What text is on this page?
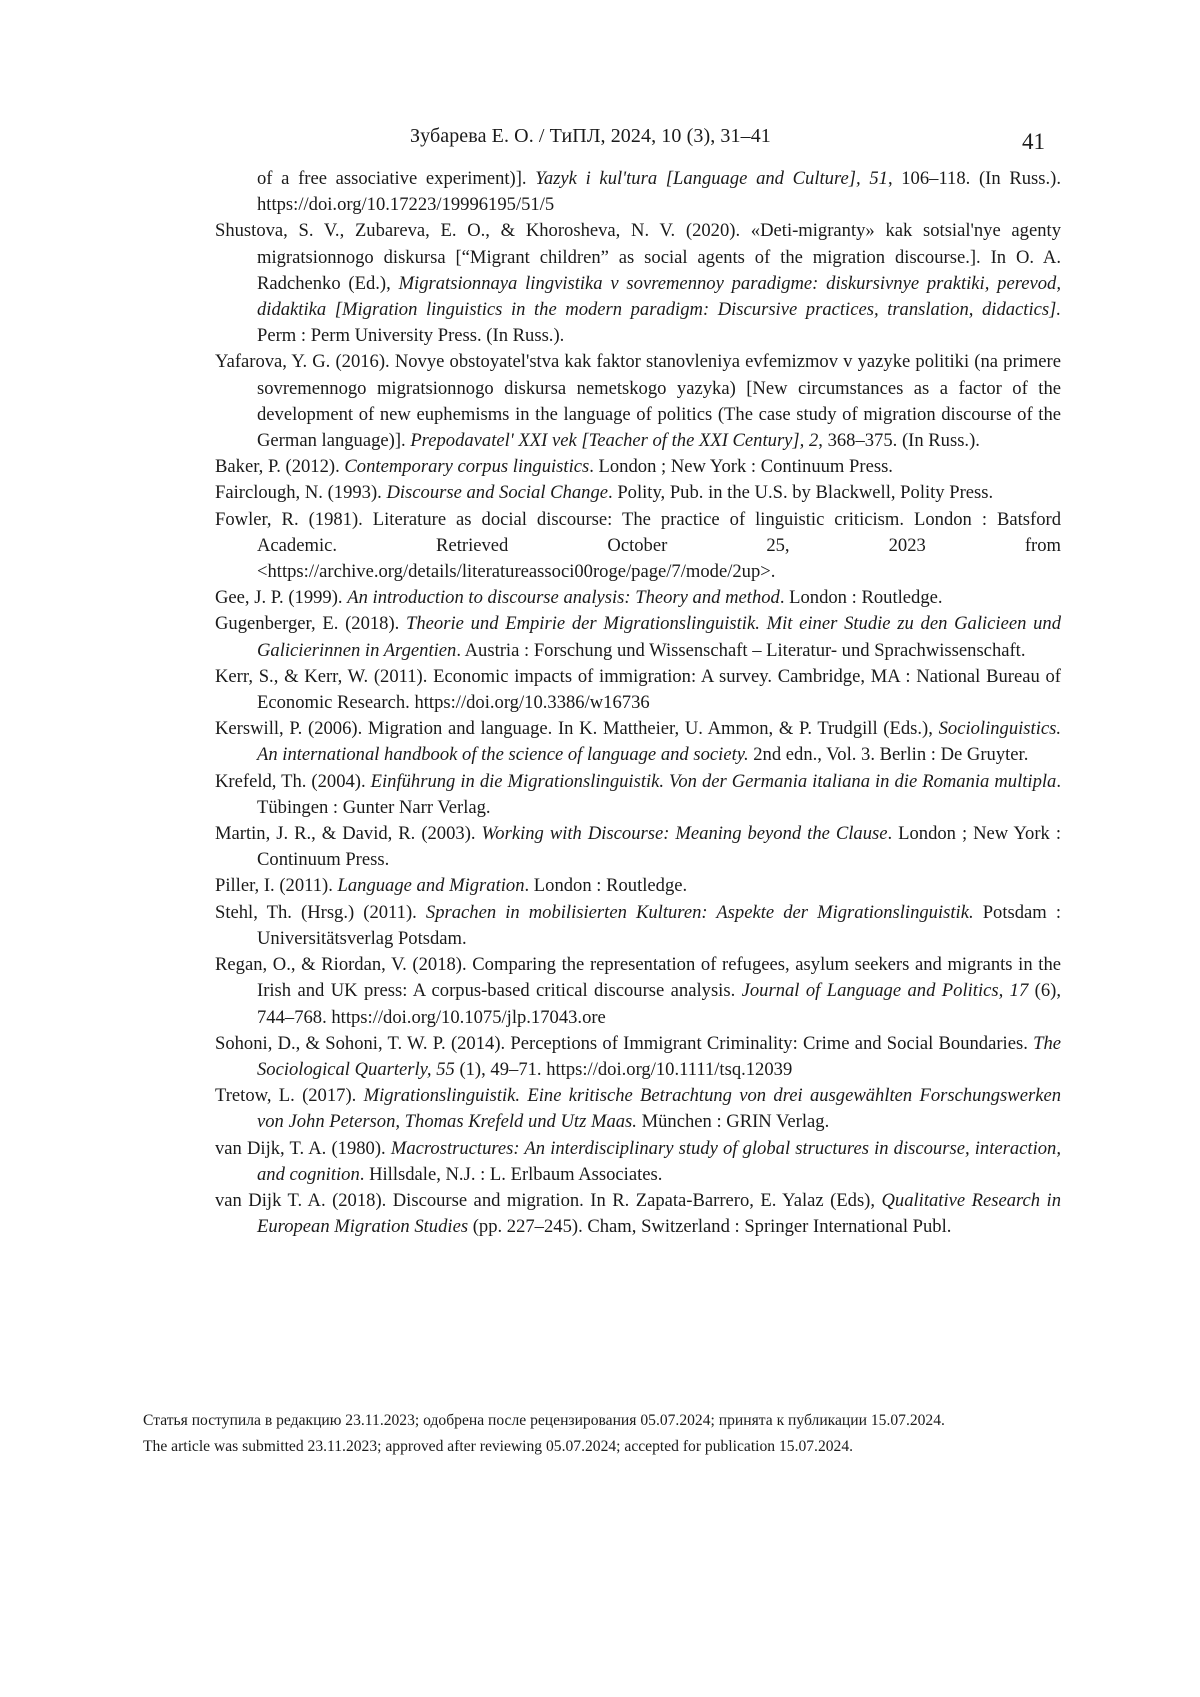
Зубарева Е. О. / ТиПЛ, 2024, 10 (3), 31–41	41

of a free associative experiment)]. Yazyk i kul'tura [Language and Culture], 51, 106–118. (In Russ.). https://doi.org/10.17223/19996195/51/5

Shustova, S. V., Zubareva, E. O., & Khorosheva, N. V. (2020). «Deti-migranty» kak sotsial'nye agenty migratsionnogo diskursa [“Migrant children” as social agents of the migration discourse.]. In O. A. Radchenko (Ed.), Migratsionnaya lingvistika v sovremennoy paradigme: diskursivnye praktiki, perevod, didaktika [Migration linguistics in the modern paradigm: Discursive practices, translation, didactics]. Perm : Perm University Press. (In Russ.).

Yafarova, Y. G. (2016). Novye obstoyatel'stva kak faktor stanovleniya evfemizmov v yazyke politiki (na primere sovremennogo migratsionnogo diskursa nemetskogo yazyka) [New circumstances as a factor of the development of new euphemisms in the language of politics (The case study of migration discourse of the German language)]. Prepodavatel' XXI vek [Teacher of the XXI Century], 2, 368–375. (In Russ.).

Baker, P. (2012). Contemporary corpus linguistics. London ; New York : Continuum Press.

Fairclough, N. (1993). Discourse and Social Change. Polity, Pub. in the U.S. by Blackwell, Polity Press.

Fowler, R. (1981). Literature as docial discourse: The practice of linguistic criticism. London : Batsford Academic. Retrieved October 25, 2023 from <https://archive.org/details/literatureassoci00roge/page/7/mode/2up>.

Gee, J. P. (1999). An introduction to discourse analysis: Theory and method. London : Routledge.

Gugenberger, E. (2018). Theorie und Empirie der Migrationslinguistik. Mit einer Studie zu den Galicieen und Galicierinnen in Argentien. Austria : Forschung und Wissenschaft – Literatur- und Sprachwissenschaft.

Kerr, S., & Kerr, W. (2011). Economic impacts of immigration: A survey. Cambridge, MA : National Bureau of Economic Research. https://doi.org/10.3386/w16736

Kerswill, P. (2006). Migration and language. In K. Mattheier, U. Ammon, & P. Trudgill (Eds.), Sociolinguistics. An international handbook of the science of language and society. 2nd edn., Vol. 3. Berlin : De Gruyter.

Krefeld, Th. (2004). Einführung in die Migrationslinguistik. Von der Germania italiana in die Romania multipla. Tübingen : Gunter Narr Verlag.

Martin, J. R., & David, R. (2003). Working with Discourse: Meaning beyond the Clause. London ; New York : Continuum Press.

Piller, I. (2011). Language and Migration. London : Routledge.

Stehl, Th. (Hrsg.) (2011). Sprachen in mobilisierten Kulturen: Aspekte der Migrationslinguistik. Potsdam : Universitätsverlag Potsdam.

Regan, O., & Riordan, V. (2018). Comparing the representation of refugees, asylum seekers and migrants in the Irish and UK press: A corpus-based critical discourse analysis. Journal of Language and Politics, 17 (6), 744–768. https://doi.org/10.1075/jlp.17043.ore

Sohoni, D., & Sohoni, T. W. P. (2014). Perceptions of Immigrant Criminality: Crime and Social Boundaries. The Sociological Quarterly, 55 (1), 49–71. https://doi.org/10.1111/tsq.12039

Tretow, L. (2017). Migrationslinguistik. Eine kritische Betrachtung von drei ausgewählten Forschungswerken von John Peterson, Thomas Krefeld und Utz Maas. München : GRIN Verlag.

van Dijk, T. A. (1980). Macrostructures: An interdisciplinary study of global structures in discourse, interaction, and cognition. Hillsdale, N.J. : L. Erlbaum Associates.

van Dijk T. A. (2018). Discourse and migration. In R. Zapata-Barrero, E. Yalaz (Eds), Qualitative Research in European Migration Studies (pp. 227–245). Cham, Switzerland : Springer International Publ.

Статья поступила в редакцию 23.11.2023; одобрена после рецензирования 05.07.2024; принята к публикации 15.07.2024.
The article was submitted 23.11.2023; approved after reviewing 05.07.2024; accepted for publication 15.07.2024.
